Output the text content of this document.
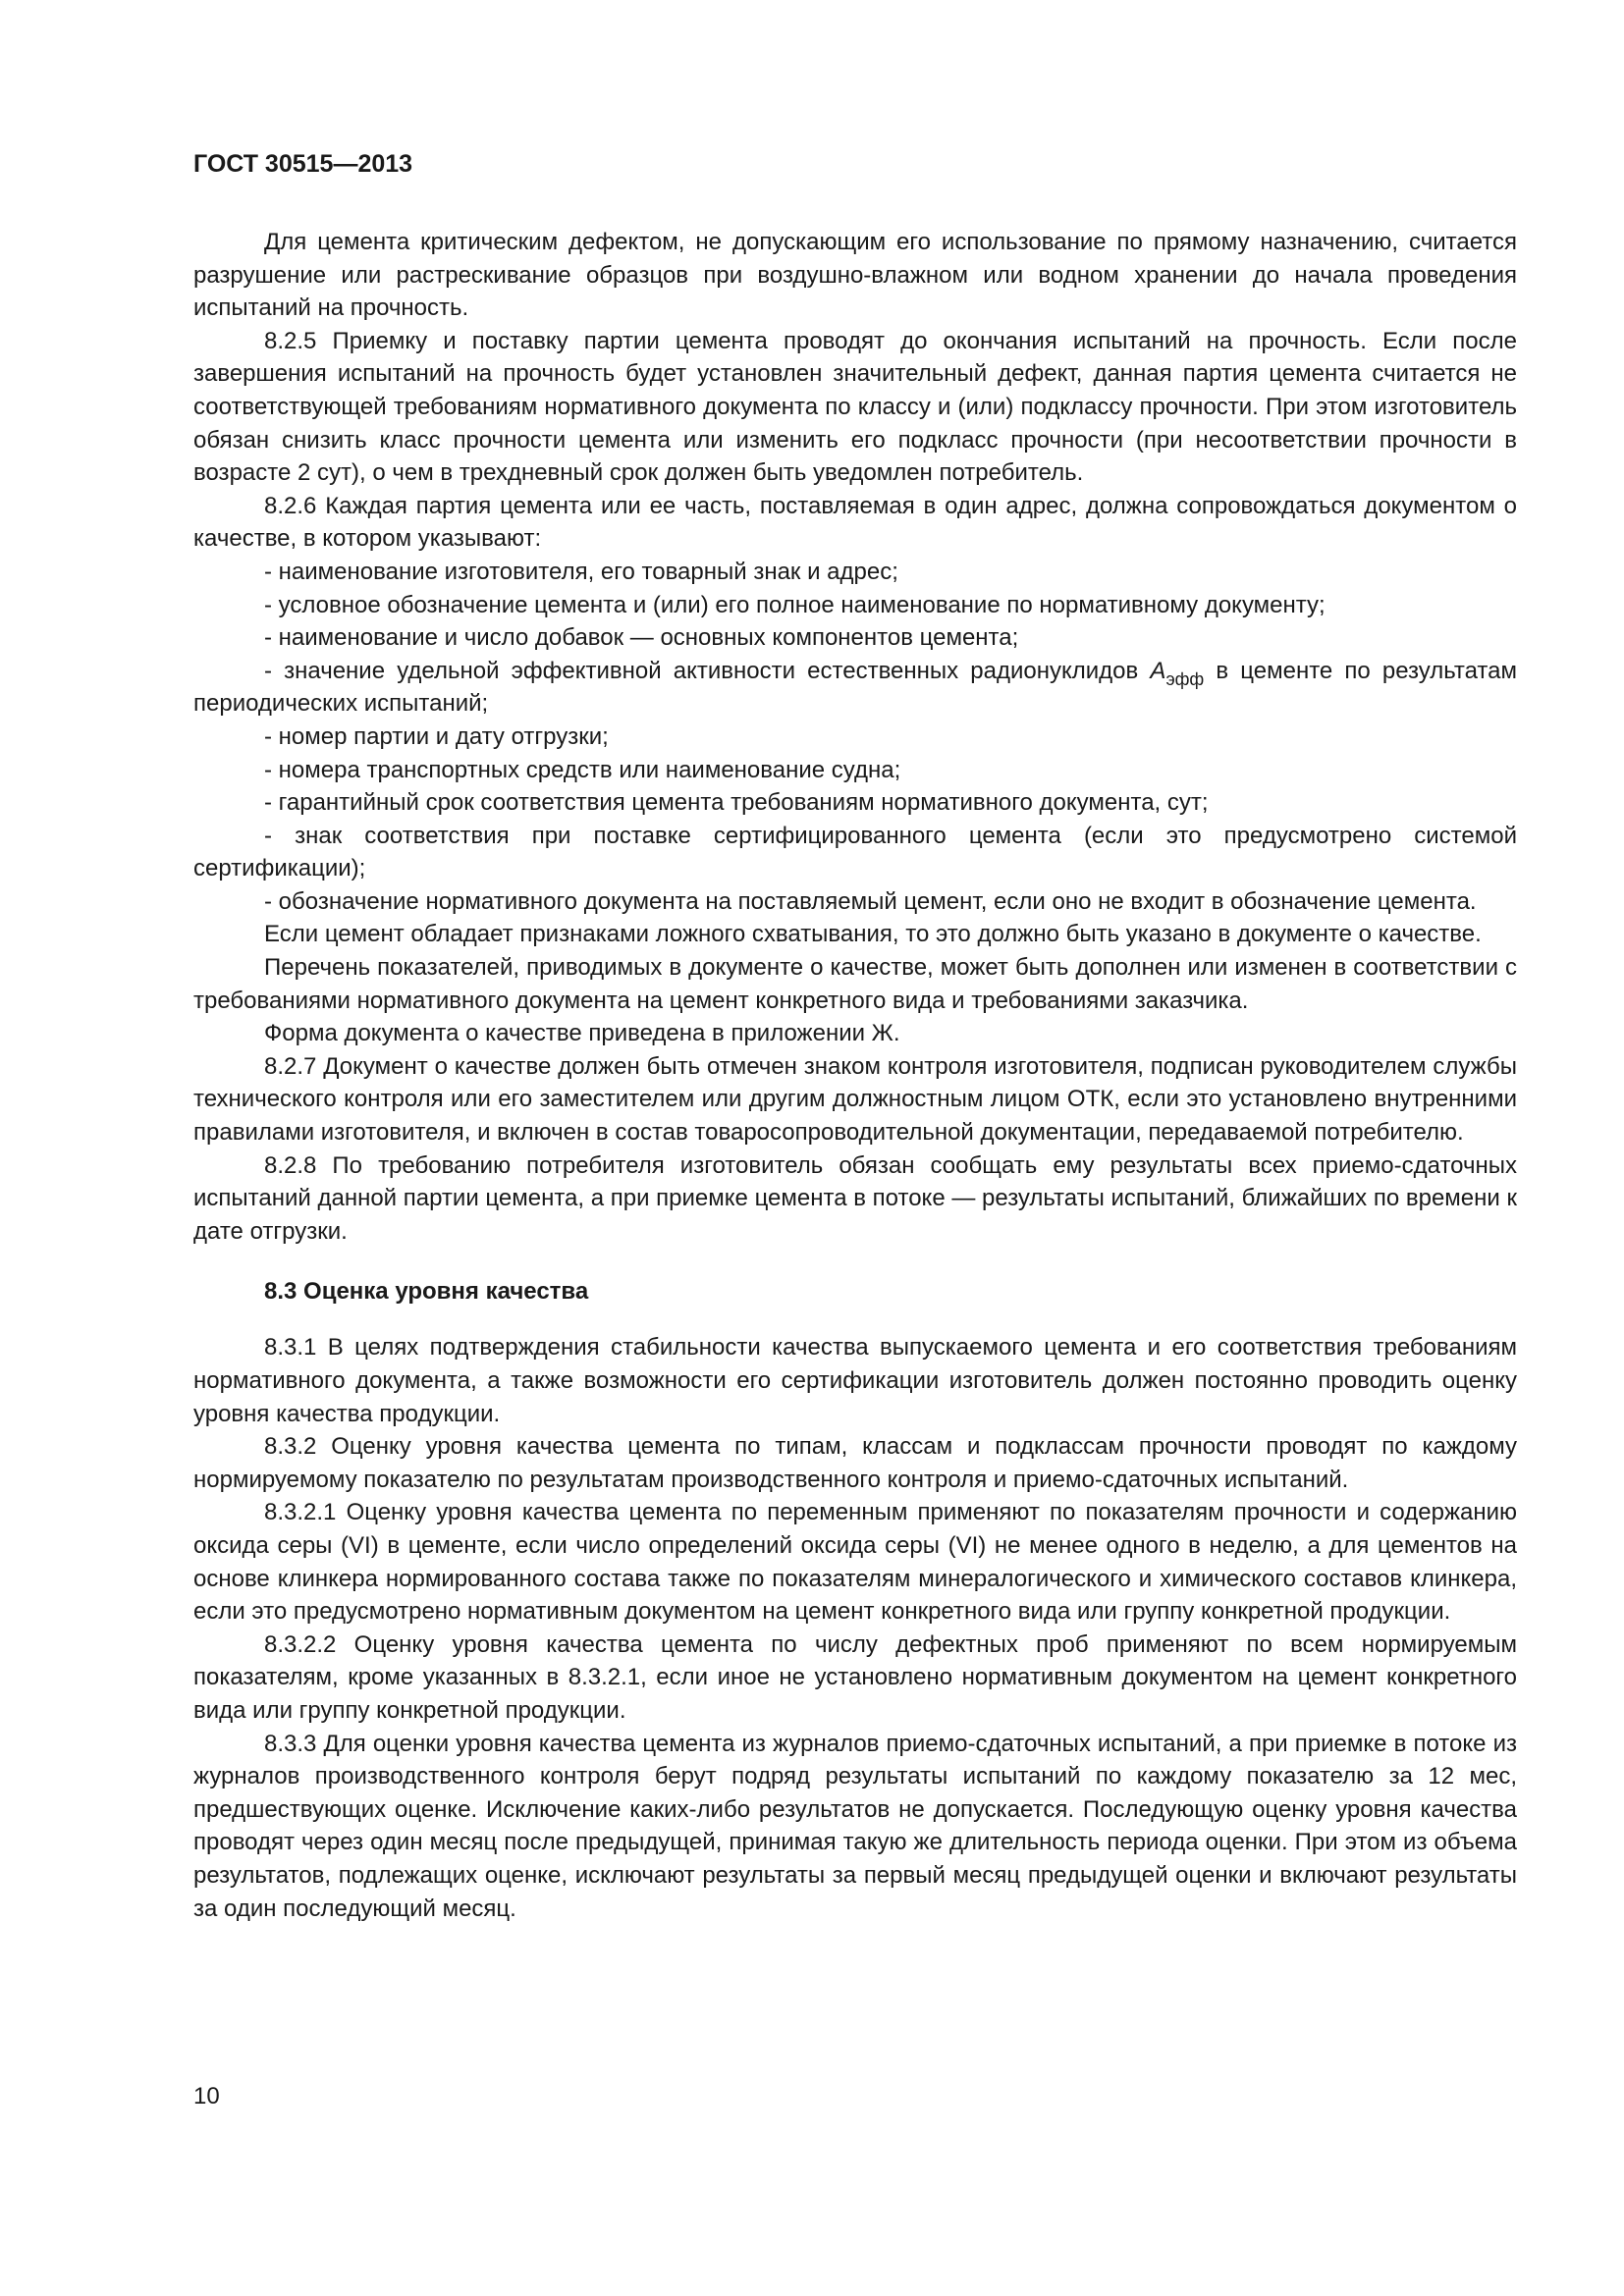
ГОСТ 30515—2013

Для цемента критическим дефектом, не допускающим его использование по прямому назначению, считается разрушение или растрескивание образцов при воздушно-влажном или водном хранении до начала проведения испытаний на прочность.

8.2.5 Приемку и поставку партии цемента проводят до окончания испытаний на прочность. Если после завершения испытаний на прочность будет установлен значительный дефект, данная партия цемента считается не соответствующей требованиям нормативного документа по классу и (или) подклассу прочности. При этом изготовитель обязан снизить класс прочности цемента или изменить его подкласс прочности (при несоответствии прочности в возрасте 2 сут), о чем в трехдневный срок должен быть уведомлен потребитель.

8.2.6 Каждая партия цемента или ее часть, поставляемая в один адрес, должна сопровождаться документом о качестве, в котором указывают:

- наименование изготовителя, его товарный знак и адрес;

- условное обозначение цемента и (или) его полное наименование по нормативному документу;

- наименование и число добавок — основных компонентов цемента;

- значение удельной эффективной активности естественных радионуклидов $A_{эфф}$ в цементе по результатам периодических испытаний;

- номер партии и дату отгрузки;

- номера транспортных средств или наименование судна;

- гарантийный срок соответствия цемента требованиям нормативного документа, сут;

- знак соответствия при поставке сертифицированного цемента (если это предусмотрено системой сертификации);

- обозначение нормативного документа на поставляемый цемент, если оно не входит в обозначение цемента.

Если цемент обладает признаками ложного схватывания, то это должно быть указано в документе о качестве.

Перечень показателей, приводимых в документе о качестве, может быть дополнен или изменен в соответствии с требованиями нормативного документа на цемент конкретного вида и требованиями заказчика.

Форма документа о качестве приведена в приложении Ж.

8.2.7 Документ о качестве должен быть отмечен знаком контроля изготовителя, подписан руководителем службы технического контроля или его заместителем или другим должностным лицом ОТК, если это установлено внутренними правилами изготовителя, и включен в состав товаросопроводительной документации, передаваемой потребителю.

8.2.8 По требованию потребителя изготовитель обязан сообщать ему результаты всех приемо-сдаточных испытаний данной партии цемента, а при приемке цемента в потоке — результаты испытаний, ближайших по времени к дате отгрузки.

8.3 Оценка уровня качества

8.3.1 В целях подтверждения стабильности качества выпускаемого цемента и его соответствия требованиям нормативного документа, а также возможности его сертификации изготовитель должен постоянно проводить оценку уровня качества продукции.

8.3.2 Оценку уровня качества цемента по типам, классам и подклассам прочности проводят по каждому нормируемому показателю по результатам производственного контроля и приемо-сдаточных испытаний.

8.3.2.1 Оценку уровня качества цемента по переменным применяют по показателям прочности и содержанию оксида серы (VI) в цементе, если число определений оксида серы (VI) не менее одного в неделю, а для цементов на основе клинкера нормированного состава также по показателям минералогического и химического составов клинкера, если это предусмотрено нормативным документом на цемент конкретного вида или группу конкретной продукции.

8.3.2.2 Оценку уровня качества цемента по числу дефектных проб применяют по всем нормируемым показателям, кроме указанных в 8.3.2.1, если иное не установлено нормативным документом на цемент конкретного вида или группу конкретной продукции.

8.3.3 Для оценки уровня качества цемента из журналов приемо-сдаточных испытаний, а при приемке в потоке из журналов производственного контроля берут подряд результаты испытаний по каждому показателю за 12 мес, предшествующих оценке. Исключение каких-либо результатов не допускается. Последующую оценку уровня качества проводят через один месяц после предыдущей, принимая такую же длительность периода оценки. При этом из объема результатов, подлежащих оценке, исключают результаты за первый месяц предыдущей оценки и включают результаты за один последующий месяц.

10
